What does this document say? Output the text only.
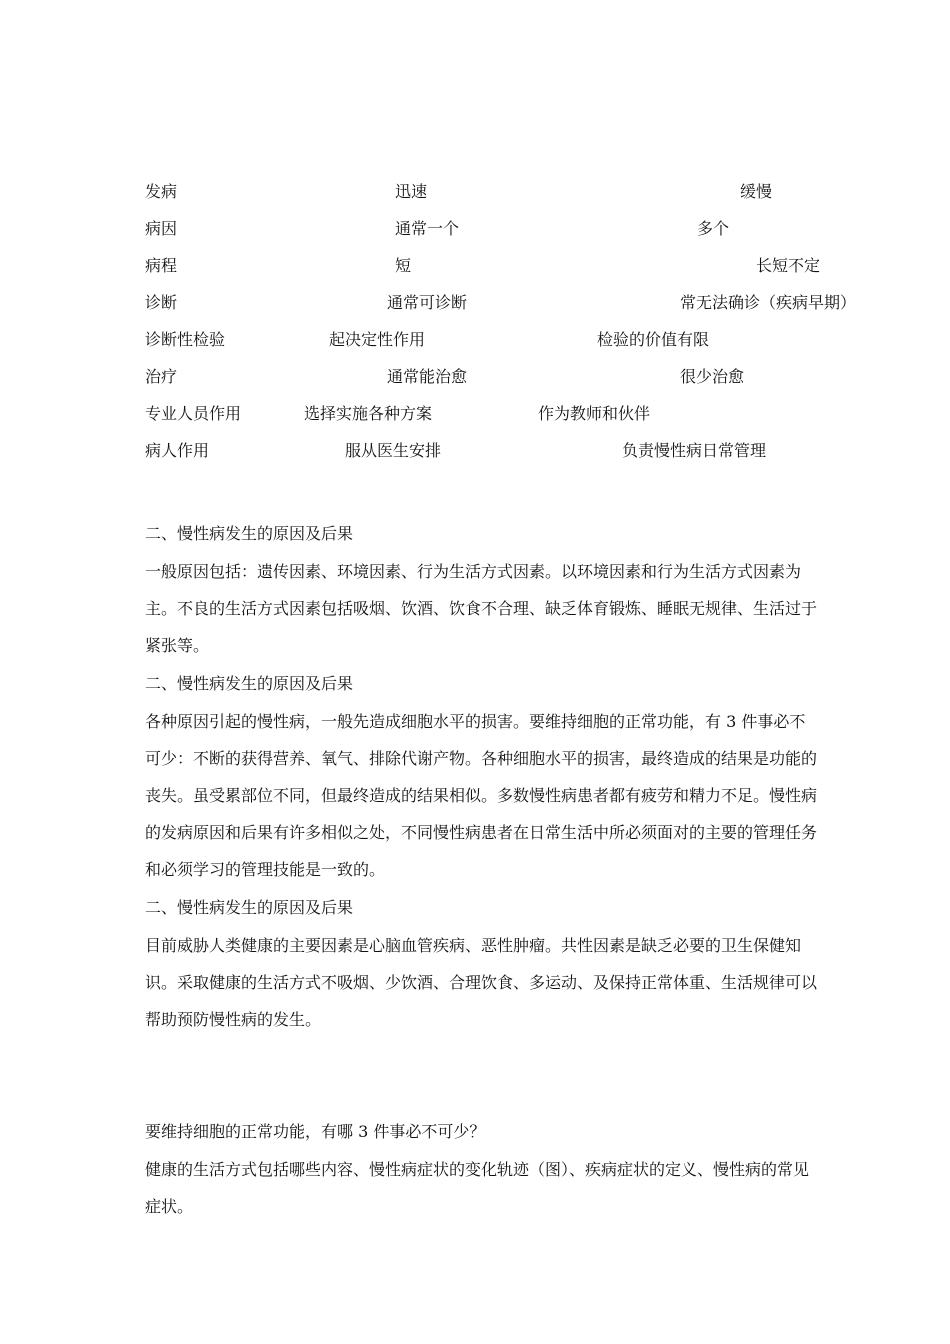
发病	迅速	缓慢
病因	通常一个	多个
病程	短	长短不定
诊断	通常可诊断	常无法确诊（疾病早期）
诊断性检验	起决定性作用	检验的价值有限
治疗	通常能治愈	很少治愈
专业人员作用	选择实施各种方案	作为教师和伙伴
病人作用	服从医生安排	负责慢性病日常管理
二、慢性病发生的原因及后果
一般原因包括：遗传因素、环境因素、行为生活方式因素。以环境因素和行为生活方式因素为主。不良的生活方式因素包括吸烟、饮酒、饮食不合理、缺乏体育锻炼、睡眠无规律、生活过于紧张等。
二、慢性病发生的原因及后果
各种原因引起的慢性病，一般先造成细胞水平的损害。要维持细胞的正常功能，有 3 件事必不可少：不断的获得营养、氧气、排除代谢产物。各种细胞水平的损害，最终造成的结果是功能的丧失。虽受累部位不同，但最终造成的结果相似。多数慢性病患者都有疲劳和精力不足。慢性病的发病原因和后果有许多相似之处，不同慢性病患者在日常生活中所必须面对的主要的管理任务和必须学习的管理技能是一致的。
二、慢性病发生的原因及后果
目前威胁人类健康的主要因素是心脑血管疾病、恶性肿瘤。共性因素是缺乏必要的卫生保健知识。采取健康的生活方式不吸烟、少饮酒、合理饮食、多运动、及保持正常体重、生活规律可以帮助预防慢性病的发生。
要维持细胞的正常功能，有哪 3 件事必不可少？
健康的生活方式包括哪些内容、慢性病症状的变化轨迹（图）、疾病症状的定义、慢性病的常见症状。
